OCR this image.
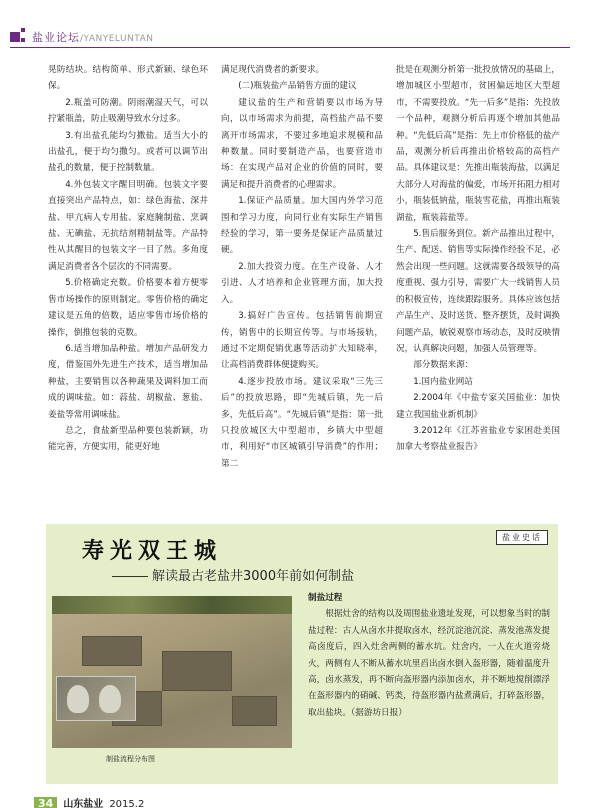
盐业论坛/YANYELUNTAN

晃防结块。结构简单、形式新颖、绿色环保。

2.瓶盖可防潮。阴雨潮湿天气，可以拧紧瓶盖，防止吸潮导致水分过多。

3.有出盐孔能均匀撒盐。适当大小的出盐孔，便于均匀撒匀。或者可以调节出盐孔的数量，便于控制数量。

4.外包装文字醒目明确。包装文字要直接突出产品特点，如：绿色海盐、深井盐、甲亢病人专用盐、家庭腌制盐、烹调盐、无碘盐、无抗结剂精制盐等。产品特性从其醒目的包装文字一目了然。多角度满足消费者各个层次的不同需要。

5.价格确定充数。价格要本着方便零售市场操作的原则制定。零售价格的确定建议是五角的倍数，适应零售市场价格的操作，倒推包装的克数。

6.适当增加品种盐。增加产品研发力度，借鉴国外先进生产技术，适当增加品种盐，主要销售以各种蔬果及调料加工而成的调味盐。如：蒜盐、胡椒盐、葱盐、姜盐等常用调味盐。

总之，食盐新型品种要包装新颖，功能完善，方便实用，能更好地

满足现代消费者的新要求。

(二)瓶装盐产品销售方面的建议

建议盐的生产和营销要以市场为导向，以市场需求为前提，高档盐产品不要离开市场需求，不要过多地追求规模和品种数量。同时要制造产品，也要营造市场：在实现产品对企业的价值的同时，要满足和提升消费者的心理需求。

1.保证产品质量。加大国内外学习范围和学习力度，向同行业有实际生产销售经验的学习，第一要务是保证产品质量过硬。

2.加大投资力度。在生产设备、人才引进、人才培养和企业管理方面，加大投入。

3.搞好广告宣传。包括销售前期宣传，销售中的长期宣传等。与市场接轨，通过不定期促销优惠等活动扩大知晓率，让高档消费群体便捷购买。

4.逐步投放市场。建议采取“三先三后”的投放思路，即“先城后镇，先一后多，先低后高”。“先城后镇”是指：第一批只投放城区大中型超市，乡镇大中型超市，利用好“市区城镇引导消费”的作用；第二

批是在观测分析第一批投放情况的基础上，增加城区小型超市，贫困偏远地区大型超市，不需要投放。“先一后多”是指：先投放一个品种，观测分析后再逐个增加其他品种。“先低后高”是指：先上市价格低的盐产品，观测分析后再推出价格较高的高档产品。具体建议是：先推出瓶装海盐，以满足大部分人对海盐的偏爱，市场开拓阻力相对小，瓶装低钠盐，瓶装雪花盐，再推出瓶装湖盐，瓶装蒜盐等。

5.售后服务到位。新产品推出过程中，生产、配送、销售等实际操作经验不足，必然会出现一些问题。这就需要各级领导的高度重视、强力引导，需要广大一线销售人员的积极宣传，连续跟踪服务。具体应该包括产品生产、及时送货、整齐摆货，及时调换问题产品，敏锐观察市场动态，及时反映情况，认真解决问题，加强人员管理等。

部分数据来源：

1.国内盐业网站

2.2004年《中盐专家关国盐业：加快建立我国盐业新机制》

3.2012年《江苏省盐业专家困赴美国加拿大考察盐业报告》

盐业史话
寿光双王城
解读最古老盐井3000年前如何制盐
制盐流程分布图
制盐过程

根据灶舍的结构以及周围盐业遗址发现，可以想象当时的制盐过程：古人从卤水井提取卤水，经沉淀池沉淀、蒸发池蒸发提高卤度后，四入灶舍两侧的蓄水坑。灶舍内，一人在火道旁烧火，两侧有人不断从蓄水坑里舀出卤水倒入盔形器，随着温度升高，卤水蒸发，再不断向盔形器内添加卤水，并不断地搅削漂浮在盔形器内的硝碱、钙类，待盔形器内盐煮满后，打碎盔形器，取出盐块。（据游坊日报）

34 山东盐业 2015.2
